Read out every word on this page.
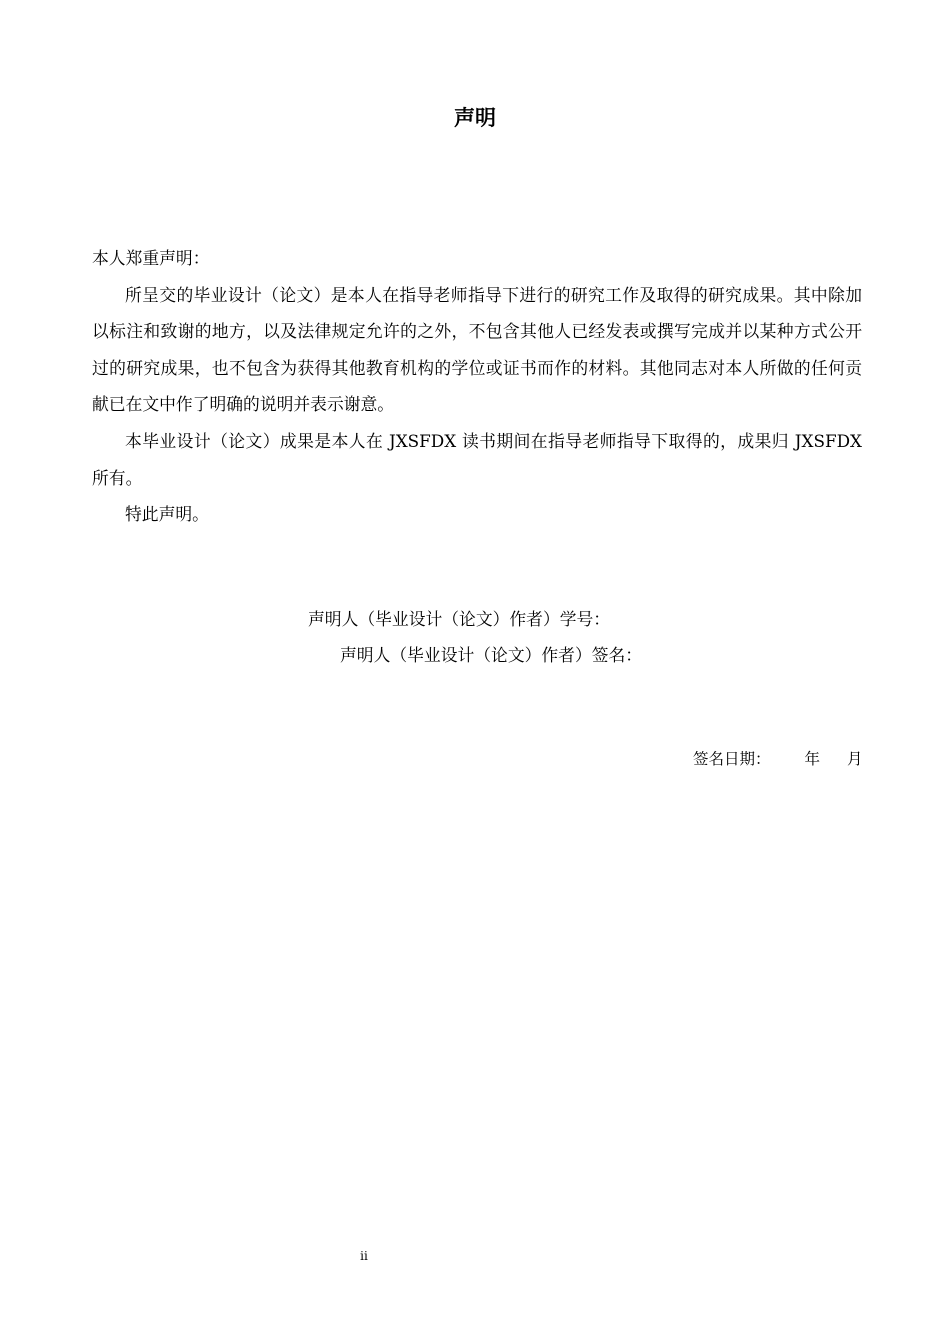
声明

本人郑重声明：

所呈交的毕业设计（论文）是本人在指导老师指导下进行的研究工作及取得的研究成果。其中除加以标注和致谢的地方，以及法律规定允许的之外，不包含其他人已经发表或撰写完成并以某种方式公开过的研究成果，也不包含为获得其他教育机构的学位或证书而作的材料。其他同志对本人所做的任何贡献已在文中作了明确的说明并表示谢意。

本毕业设计（论文）成果是本人在 JXSFDX 读书期间在指导老师指导下取得的，成果归 JXSFDX 所有。

特此声明。

声明人（毕业设计（论文）作者）学号：
声明人（毕业设计（论文）作者）签名：
签名日期： 年 月
ii
